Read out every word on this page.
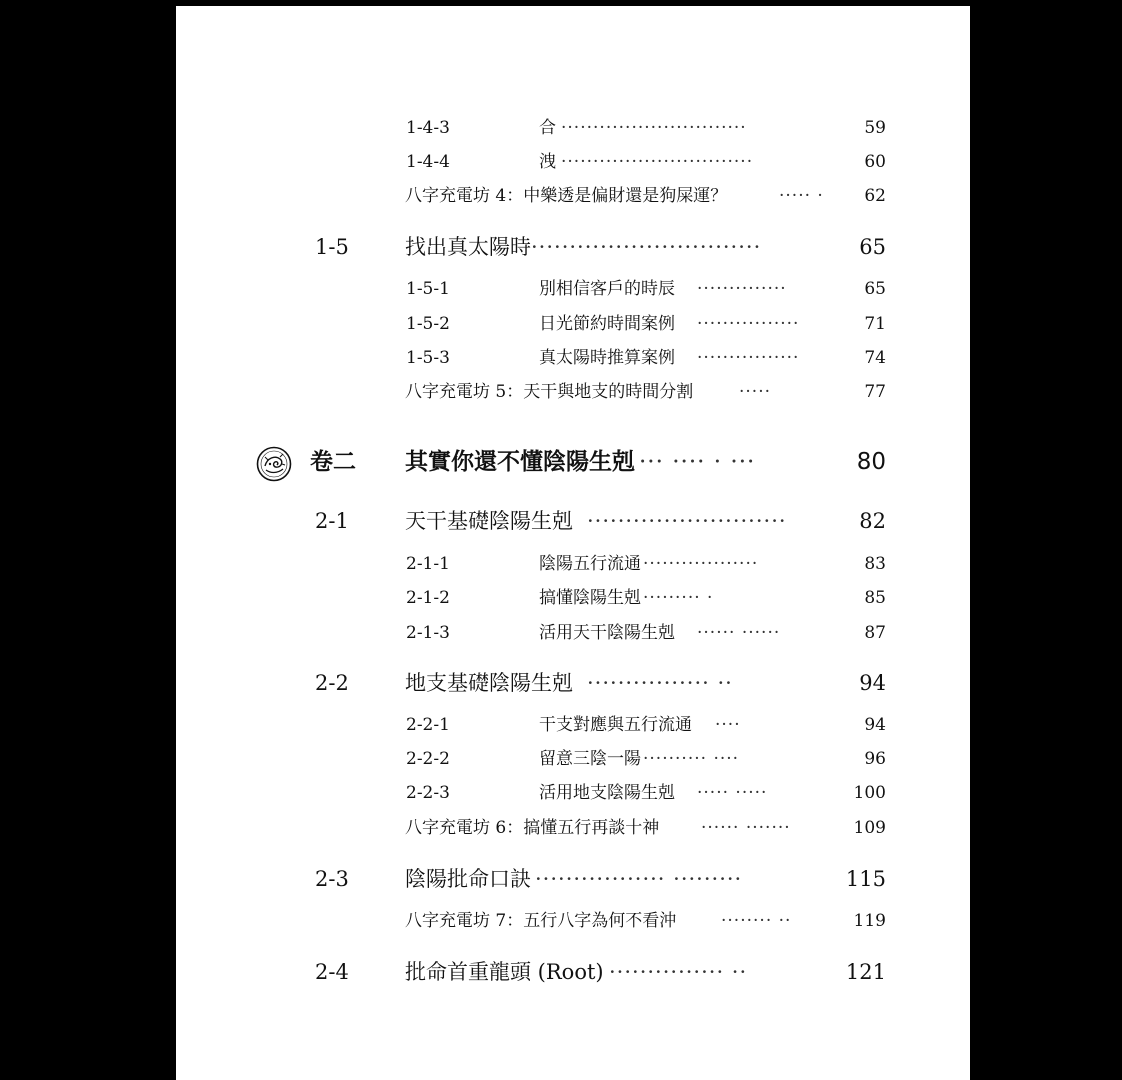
1-4-3	合 ·····························	59
1-4-4	洩 ······························	60
八字充電坊 4：中樂透是偏財還是狗屎運？	····· · 62
1-5	找出真太陽時 ······························	65
1-5-1	別相信客戶的時辰 ··············	65
1-5-2	日光節約時間案例 ················	71
1-5-3	真太陽時推算案例 ················	74
八字充電坊 5：天干與地支的時間分割	·····	77
卷二 其實你還不懂陰陽生剋 ··· ···· · ···	80
2-1	天干基礎陰陽生剋 ··························	82
2-1-1	陰陽五行流通 ··················	83
2-1-2	搞懂陰陽生剋 ········· ·	85
2-1-3	活用天干陰陽生剋 ······ ······	87
2-2	地支基礎陰陽生剋 ················ ··	94
2-2-1	干支對應與五行流通 ····	94
2-2-2	留意三陰一陽 ·········· ····	96
2-2-3	活用地支陰陽生剋 ····· ·····	100
八字充電坊 6：搞懂五行再談十神 ······ ·······	109
2-3	陰陽批命口訣 ················· ·········	115
八字充電坊 7：五行八字為何不看沖	········ ··	119
2-4	批命首重龍頭 (Root) ··············· ··	121
